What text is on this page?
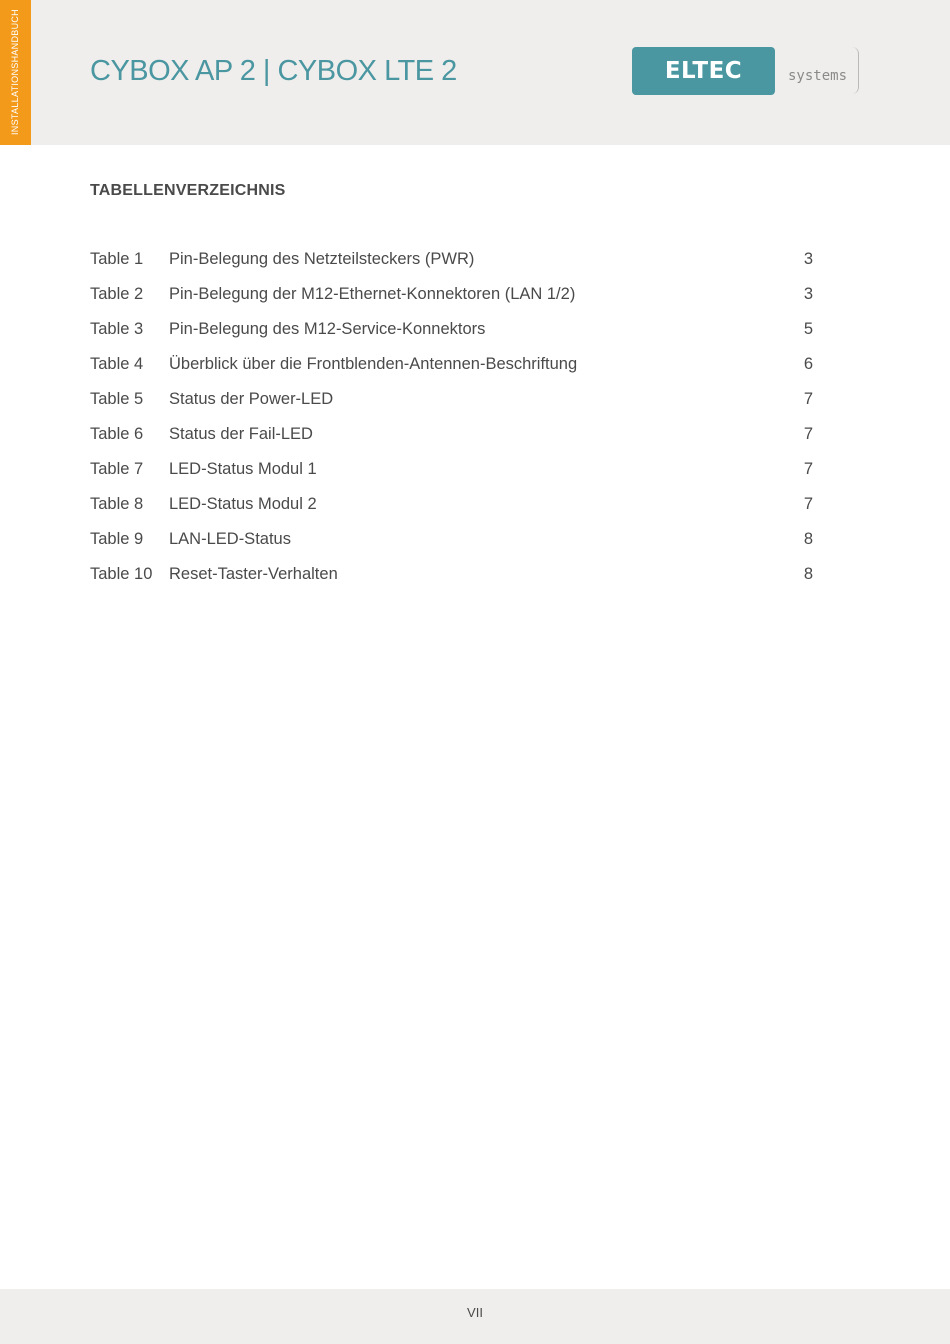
INSTALLATIONSHANDBUCH CYBOX AP 2 | CYBOX LTE 2	ELTEC	systems
TABELLENVERZEICHNIS
Table 1 Pin-Belegung des Netzteilsteckers (PWR)	3
Table 2 Pin-Belegung der M12-Ethernet-Konnektoren (LAN 1/2)	3
Table 3 Pin-Belegung des M12-Service-Konnektors	5
Table 4 Überblick über die Frontblenden-Antennen-Beschriftung	6
Table 5 Status der Power-LED	7
Table 6 Status der Fail-LED	7
Table 7 LED-Status Modul 1	7
Table 8 LED-Status Modul 2	7
Table 9 LAN-LED-Status	8
Table 10 Reset-Taster-Verhalten	8
VII
